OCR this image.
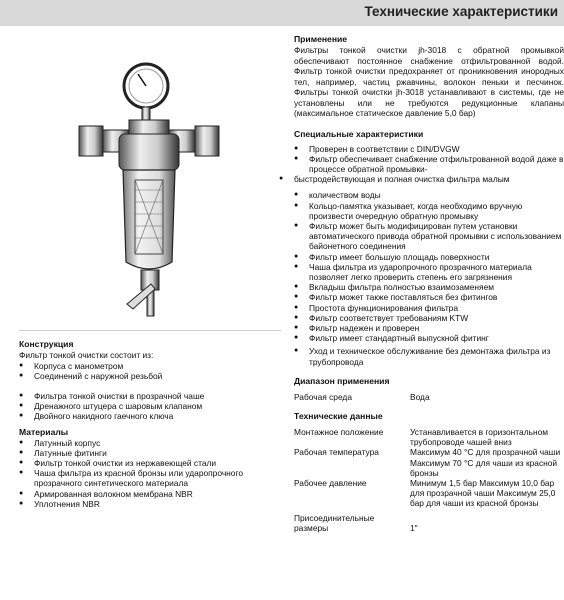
Технические характеристики
Конструкция
Фильтр тонкой очистки состоит из:
● Корпуса с манометром
● Соединений с наружной резьбой
● Фильтра тонкой очистки в прозрачной чаше
● Дренажного штуцера с шаровым клапаном
● Двойного накидного гаечного ключа
Материалы
● Латунный корпус
● Латунные фитинги
● Фильтр тонкой очистки из нержавеющей стали
● Чаша фильтра из красной бронзы или ударопрочного прозрачного синтетического материала
● Армированная волокном мембрана NBR
● Уплотнения NBR
Применение
Фильтры тонкой очистки jh-3018 с обратной промывкой обеспечивают постоянное снабжение отфильтрованной водой. Фильтр тонкой очистки предохраняет от проникновения инородных тел, например, частиц ржавчины, волокон пеньки и песчинок. Фильтры тонкой очистки jh-3018 устанавливают в системы, где не установлены или не требуются редукционные клапаны (максимальное статическое давление 5,0 бар)
Специальные характеристики
● Проверен в соответствии с DIN/DVGW
● Фильтр обеспечивает снабжение отфильтрованной водой даже в процессе обратной промывки-
● быстродействующая и полная очистка фильтра малым
● количеством воды
● Кольцо-памятка указывает, когда необходимо вручную произвести очередную обратную промывку
● Фильтр может быть модифицирован путем установки автоматического привода обратной промывки с использованием байонетного соединения
● Фильтр имеет большую площадь поверхности
● Чаша фильтра из ударопрочного прозрачного материала позволяет легко проверить степень его загрязнения
● Вкладыш фильтра полностью взаимозаменяем
● Фильтр может также поставляться без фитингов
● Простота функционирования фильтра
● Фильтр соответствует требованиям KTW
● Фильтр надежен и проверен
● Фильтр имеет стандартный выпускной фитинг
● Уход и техническое обслуживание без демонтажа фильтра из трубопровода
Диапазон применения
Рабочая среда	Вода
Технические данные
Монтажное положение	Устанавливается в горизонтальном трубопроводе чашей вниз
Рабочая температура	Максимум 40 °C для прозрачной чаши Максимум 70 °C для чаши из красной бронзы
Рабочее давление	Минимум 1,5 бар Максимум 10,0 бар для прозрачной чаши Максимум 25,0 бар для чаши из красной бронзы
Присоединительные размеры	1"
